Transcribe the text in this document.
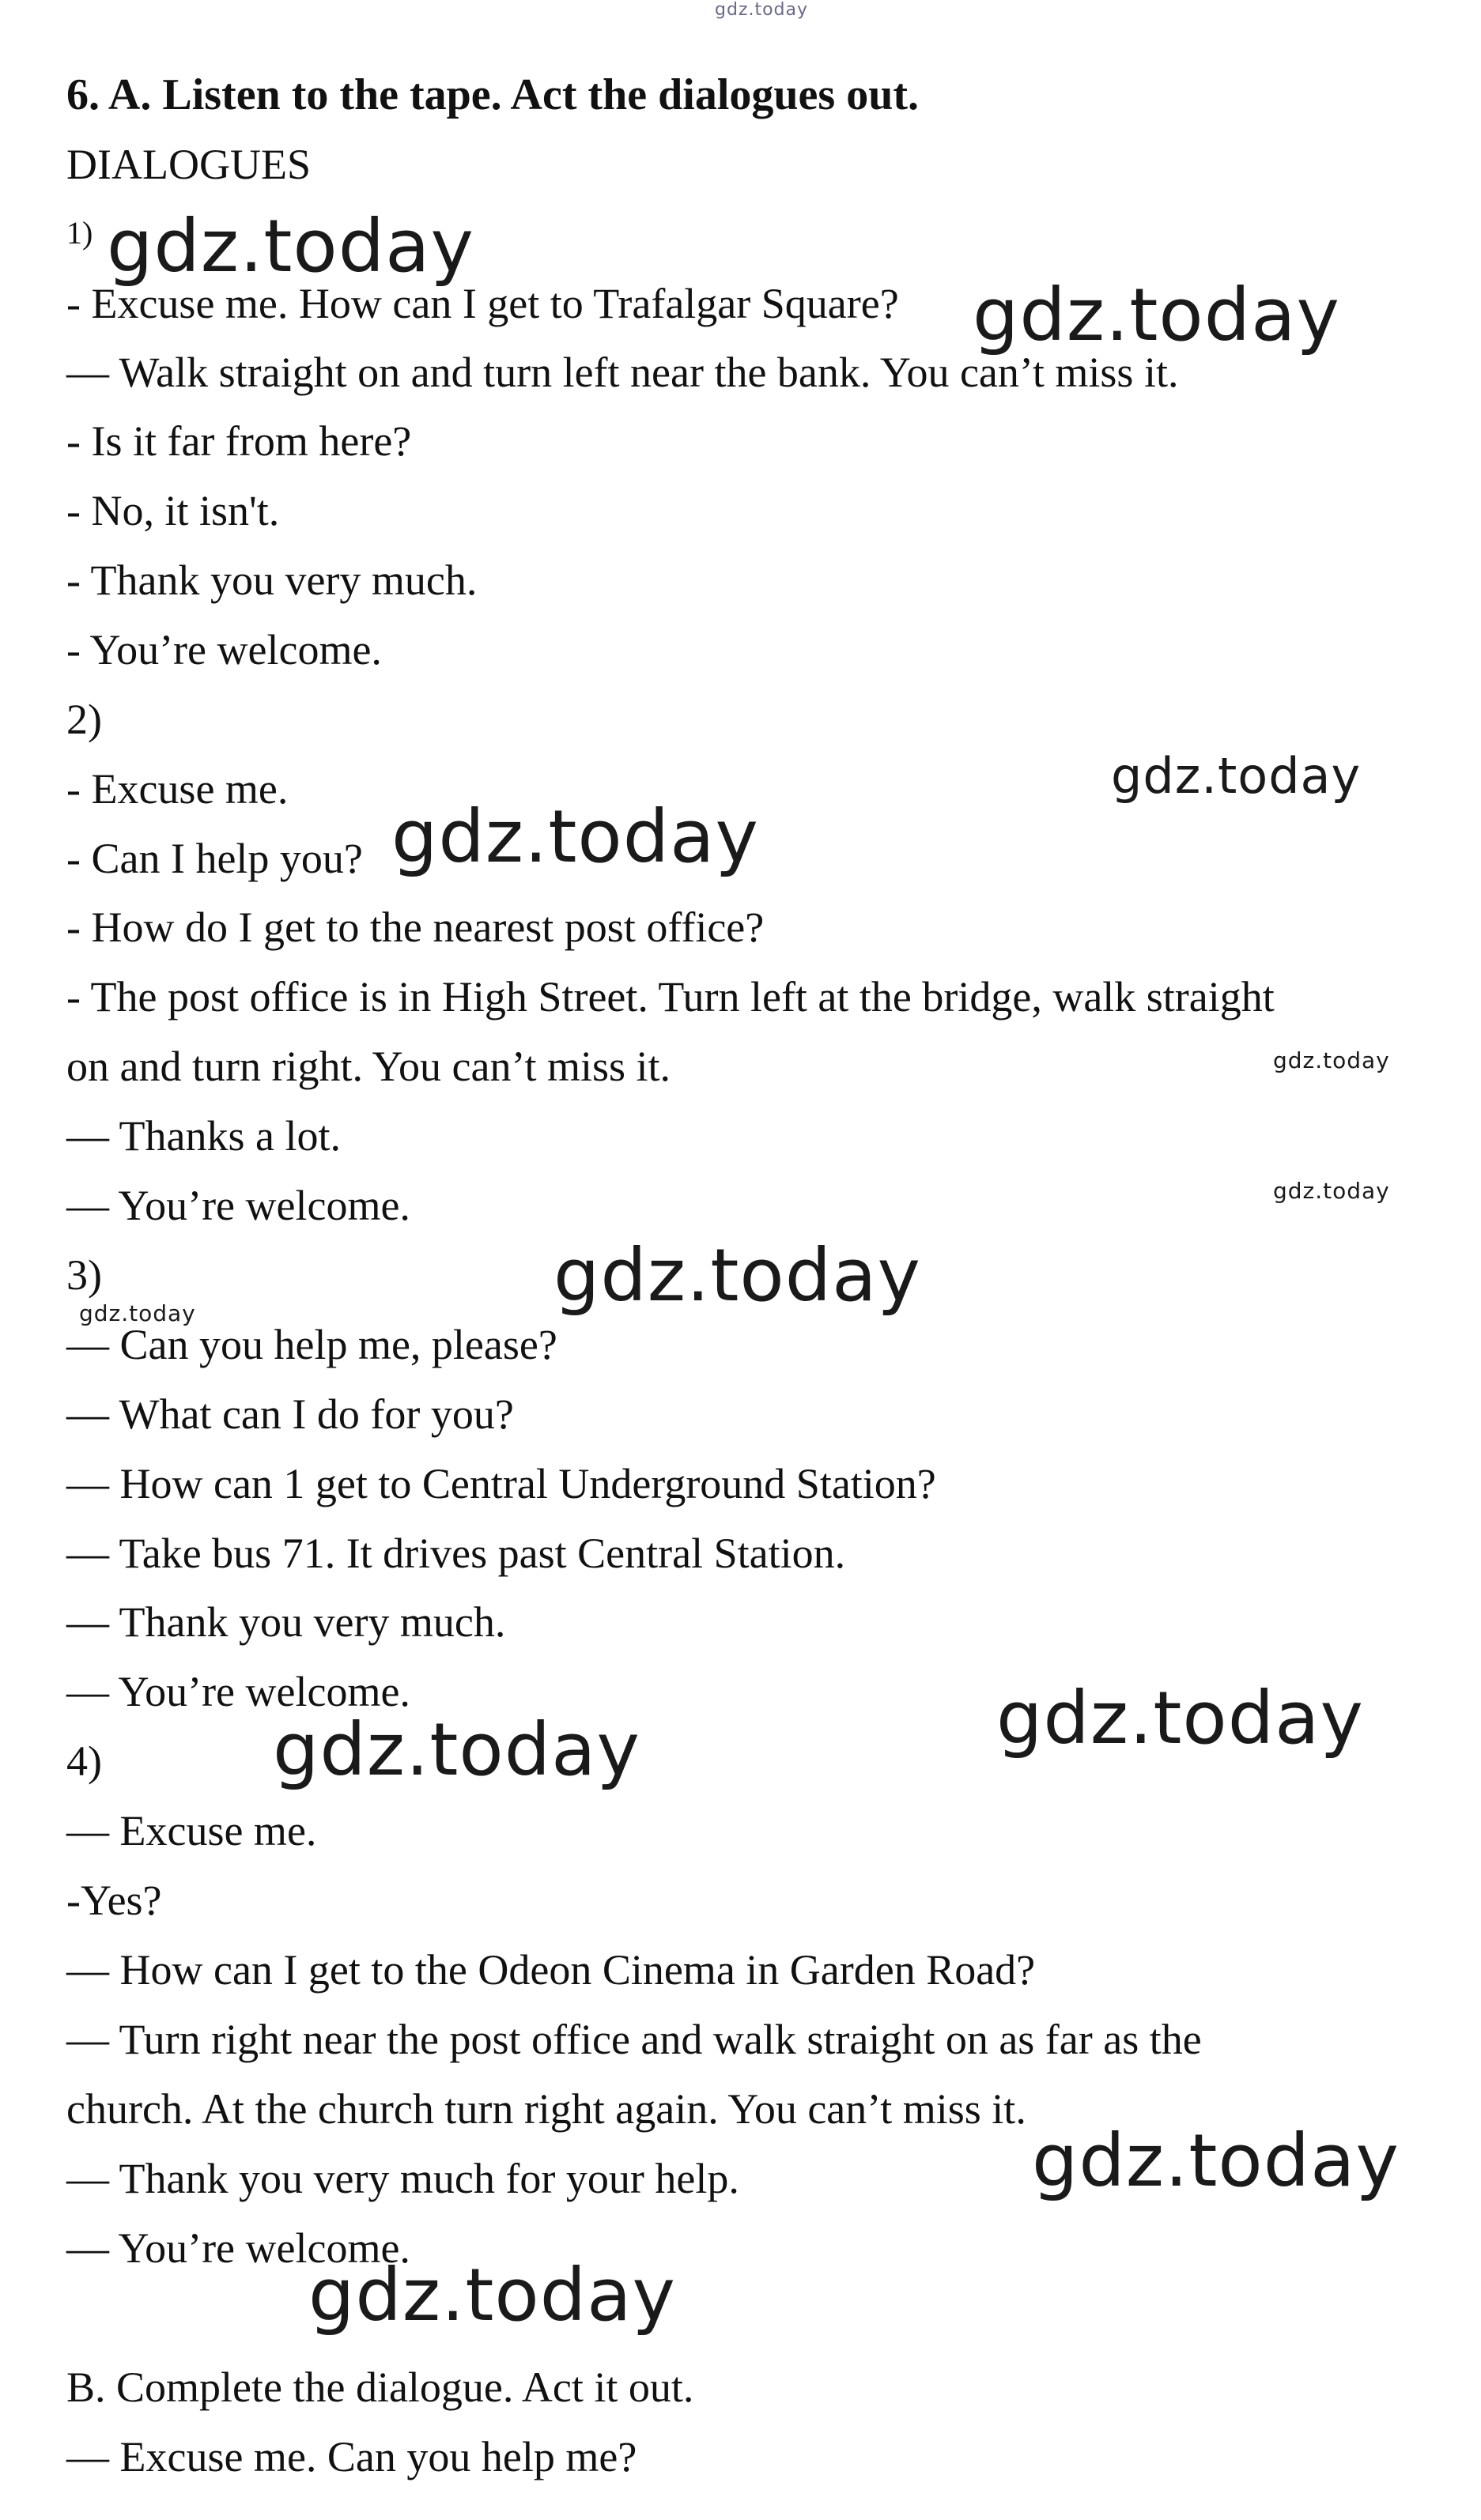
gdz.today
6. A. Listen to the tape. Act the dialogues out.
DIALOGUES
$^{1)}$
- Excuse me. How can I get to Trafalgar Square?
— Walk straight on and turn left near the bank. You can’t miss it.
- Is it far from here?
- No, it isn't.
- Thank you very much.
- You’re welcome.
2)
- Excuse me.
- Can I help you?
- How do I get to the nearest post office?
- The post office is in High Street. Turn left at the bridge, walk straight
on and turn right. You can’t miss it.
— Thanks a lot.
— You’re welcome.
3)
— Can you help me, please?
— What can I do for you?
— How can 1 get to Central Underground Station?
— Take bus 71. It drives past Central Station.
— Thank you very much.
— You’re welcome.
4)
— Excuse me.
-Yes?
— How can I get to the Odeon Cinema in Garden Road?
— Turn right near the post office and walk straight on as far as the
church. At the church turn right again. You can’t miss it.
— Thank you very much for your help.
— You’re welcome.
B. Complete the dialogue. Act it out.
— Excuse me. Can you help me?
gdz.today
gdz.today
gdz.today
gdz.today
gdz.today
gdz.today
gdz.today
gdz.today
gdz.today
gdz.today
gdz.today
gdz.today
